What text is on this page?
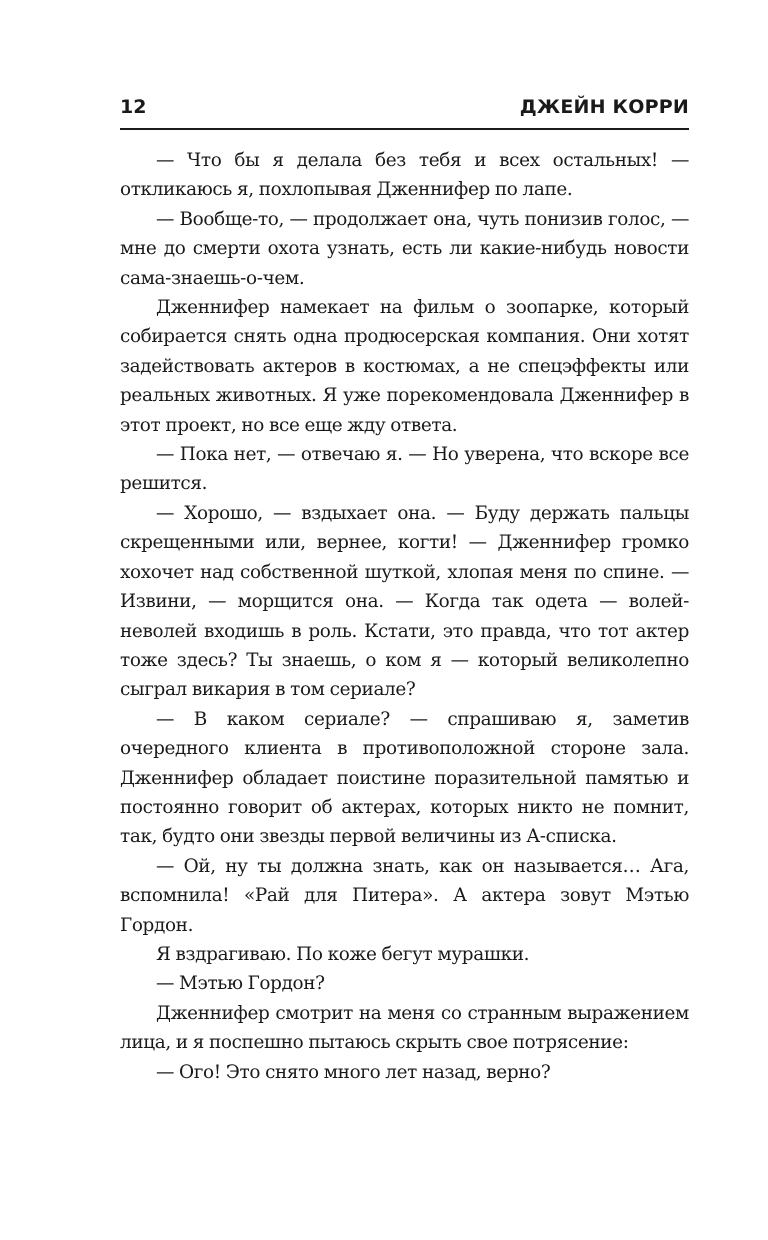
12	ДЖЕЙН КОРРИ

— Что бы я делала без тебя и всех остальных! — откликаюсь я, похлопывая Дженнифер по лапе.

— Вообще-то, — продолжает она, чуть понизив голос, — мне до смерти охота узнать, есть ли какие-нибудь новости сама-знаешь-о-чем.

Дженнифер намекает на фильм о зоопарке, который собирается снять одна продюсерская компания. Они хотят задействовать актеров в костюмах, а не спецэффекты или реальных животных. Я уже порекомендовала Дженнифер в этот проект, но все еще жду ответа.

— Пока нет, — отвечаю я. — Но уверена, что вскоре все решится.

— Хорошо, — вздыхает она. — Буду держать пальцы скрещенными или, вернее, когти! — Дженнифер громко хохочет над собственной шуткой, хлопая меня по спине. — Извини, — морщится она. — Когда так одета — волей-неволей входишь в роль. Кстати, это правда, что тот актер тоже здесь? Ты знаешь, о ком я — который великолепно сыграл викария в том сериале?

— В каком сериале? — спрашиваю я, заметив очередного клиента в противоположной стороне зала. Дженнифер обладает поистине поразительной памятью и постоянно говорит об актерах, которых никто не помнит, так, будто они звезды первой величины из А-списка.

— Ой, ну ты должна знать, как он называется… Ага, вспомнила! «Рай для Питера». А актера зовут Мэтью Гордон.

Я вздрагиваю. По коже бегут мурашки.

— Мэтью Гордон?

Дженнифер смотрит на меня со странным выражением лица, и я поспешно пытаюсь скрыть свое потрясение:

— Ого! Это снято много лет назад, верно?
